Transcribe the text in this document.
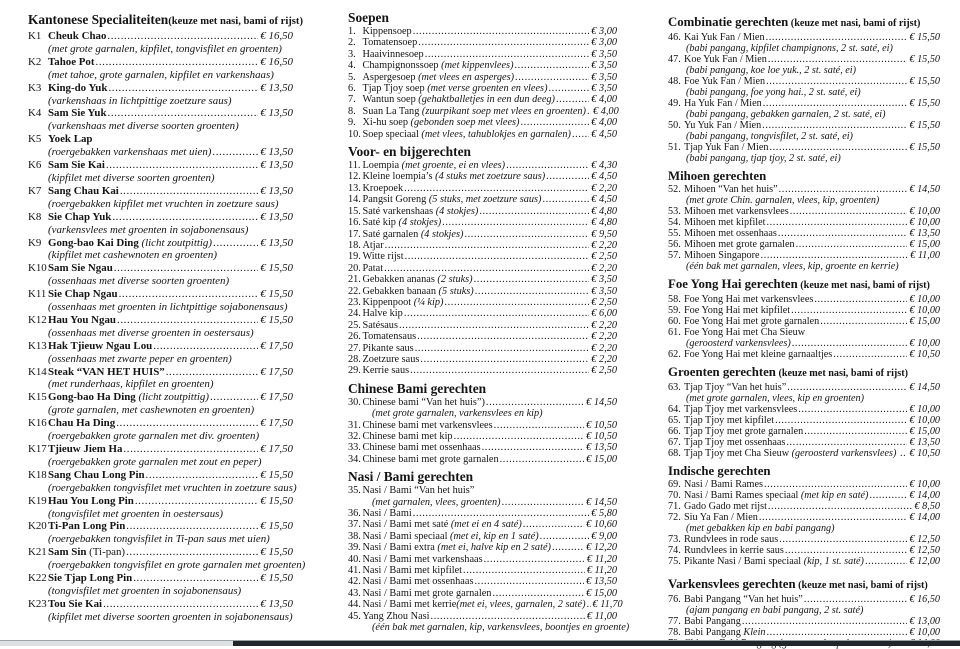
Kantonese Specialiteiten(keuze met nasi, bami of rijst)
K1 Cheuk Chao .....	€ 16,50
(met grote garnalen, kipfilet, tongvisfilet en groenten)
K2 Tahoe Pot .....	€ 16,50
(met tahoe, grote garnalen, kipfilet en varkenshaas)
K3 King-do Yuk .....	€ 13,50
(varkenshaas in lichtpittige zoetzure saus)
K4 Sam Sie Yuk .....	€ 13,50
(varkenshaas met diverse soorten groenten)
K5 Yoek Lap
(roergebakken varkenshaas met uien) .....	€ 13,50
K6 Sam Sie Kai .....	€ 13,50
(kipfilet met diverse soorten groenten)
K7 Sang Chau Kai .....	€ 13,50
(roergebakken kipfilet met vruchten in zoetzure saus)
K8 Sie Chap Yuk .....	€ 13,50
(varkensvlees met groenten in sojabonensaus)
K9 Gong-bao Kai Ding (licht zoutpittig) .....	€ 13,50
(kipfilet met cashewnoten en groenten)
K10 Sam Sie Ngau .....	€ 15,50
(ossenhaas met diverse soorten groenten)
K11 Sie Chap Ngau .....	€ 15,50
(ossenhaas met groenten in lichtpittige sojabonensaus)
K12 Hau You Ngau .....	€ 15,50
(ossenhaas met diverse groenten in oestersaus)
K13 Hak Tjieuw Ngau Lou .....	€ 17,50
(ossenhaas met zwarte peper en groenten)
K14 Steak “VAN HET HUIS” .....	€ 17,50
(met runderhaas, kipfilet en groenten)
K15 Gong-bao Ha Ding (licht zoutpittig) .....	€ 17,50
(grote garnalen, met cashewnoten en groenten)
K16 Chau Ha Ding .....	€ 17,50
(roergebakken grote garnalen met div. groenten)
K17 Tjieuw Jiem Ha .....	€ 17,50
(roergebakken grote garnalen met zout en peper)
K18 Sang Chau Long Pin .....	€ 15,50
(roergebakken tongvisfilet met vruchten in zoetzure saus)
K19 Hau You Long Pin .....	€ 15,50
(tongvisfilet met groenten in oestersaus)
K20 Ti-Pan Long Pin .....	€ 15,50
(roergebakken tongvisfilet in Ti-pan saus met uien)
K21 Sam Sin (Ti-pan) .....	€ 15,50
(roergebakken tongvisfilet en grote garnalen met groenten)
K22 Sie Tjap Long Pin .....	€ 15,50
(tongvisfilet met groenten in sojabonensaus)
K23 Tou Sie Kai .....	€ 13,50
(kipfilet met diverse soorten groenten in sojabonensaus)
Soepen
1. Kippensoep .....	€ 3,00
2. Tomatensoep .....	€ 3,00
3. Haaivinnesoep .....	€ 3,50
4. Champignonssoep (met kippenvlees) .....	€ 3,50
5. Aspergesoep (met vlees en asperges) .....	€ 3,50
6. Tjap Tjoy soep (met verse groenten en vlees) .....	€ 3,50
7. Wantun soep (gehaktballetjes in een dun deeg) .....	€ 4,00
8. Suan La Tang (zuurpikant soep met vlees en groenten) ..... € 4,00
9. Xi-hu soep (gebonden soep met vlees) .....	€ 4,00
10. Soep speciaal (met vlees, tahublokjes en garnalen) ..... € 4,50
Voor- en bijgerechten
11. Loempia (met groente, ei en vlees) .....	€ 4,30
12. Kleine loempia’s (4 stuks met zoetzure saus) .....	€ 4,50
13. Kroepoek .....	€ 2,20
14. Pangsit Goreng (5 stuks, met zoetzure saus) .....	€ 4,50
15. Saté varkenshaas (4 stokjes) .....	€ 4,80
16. Saté kip (4 stokjes) .....	€ 4,80
17. Saté garnalen (4 stokjes) .....	€ 9,50
18. Atjar .....	€ 2,20
19. Witte rijst .....	€ 2,50
20. Patat .....	€ 2,20
21. Gebakken ananas (2 stuks) .....	€ 3,50
22. Gebakken banaan (5 stuks) .....	€ 3,50
23. Kippenpoot (¼ kip) .....	€ 2,50
24. Halve kip .....	€ 6,00
25. Satésaus .....	€ 2,20
26. Tomatensaus .....	€ 2,20
27. Pikante saus .....	€ 2,20
28. Zoetzure saus .....	€ 2,20
29. Kerrie saus .....	€ 2,50
Chinese Bami gerechten
30. Chinese bami “Van het huis”) .....	€ 14,50
(met grote garnalen, varkensvlees en kip)
31. Chinese bami met varkensvlees .....	€ 10,50
32. Chinese bami met kip .....	€ 10,50
33. Chinese bami met ossenhaas .....	€ 13,50
34. Chinese bami met grote garnalen .....	€ 15,00
Nasi / Bami gerechten
35. Nasi / Bami “Van het huis”
(met garnalen, vlees, groenten) .....	€ 14,50
36. Nasi / Bami .....	€ 5,80
37. Nasi / Bami met saté (met ei en 4 saté) .....	€ 10,60
38. Nasi / Bami speciaal (met ei, kip en 1 saté) .....	€ 9,00
39. Nasi / Bami extra (met ei, halve kip en 2 saté) .....	€ 12,20
40. Nasi / Bami met varkenshaas .....	€ 11,20
41. Nasi / Bami met kipfilet .....	€ 11,20
42. Nasi / Bami met ossenhaas .....	€ 13,50
43. Nasi / Bami met grote garnalen .....	€ 15,00
44. Nasi / Bami met kerrie(met ei, vlees, garnalen, 2 saté) ..... € 11,70
45. Yang Zhou Nasi .....	€ 11,00
(één bak met garnalen, kip, varkensvlees, boontjes en groente)
Combinatie gerechten (keuze met nasi, bami of rijst)
46. Kai Yuk Fan / Mien .....	€ 15,50
(babi pangang, kipfilet champignons, 2 st. saté, ei)
47. Koe Yuk Fan / Mien .....	€ 15,50
(babi pangang, koe loe yuk., 2 st. saté, ei)
48. Foe Yuk Fan / Mien .....	€ 15,50
(babi pangang, foe yong hai., 2 st. saté, ei)
49. Ha Yuk Fan / Mien .....	€ 15,50
(babi pangang, gebakken garnalen, 2 st. saté, ei)
50. Yu Yuk Fan / Mien .....	€ 15,50
(babi pangang, tongvisfilet, 2 st. saté, ei)
51. Tjap Yuk Fan / Mien .....	€ 15,50
(babi pangang, tjap tjoy, 2 st. saté, ei)
Mihoen gerechten
52. Mihoen “Van het huis” .....	€ 14,50
(met grote Chin. garnalen, vlees, kip, groenten)
53. Mihoen met varkensvlees .....	€ 10,00
54. Mihoen met kipfilet .....	€ 10,00
55. Mihoen met ossenhaas .....	€ 13,50
56. Mihoen met grote garnalen .....	€ 15,00
57. Mihoen Singapore .....	€ 11,00
(één bak met garnalen, vlees, kip, groente en kerrie)
Foe Yong Hai gerechten (keuze met nasi, bami of rijst)
58. Foe Yong Hai met varkensvlees .....	€ 10,00
59. Foe Yong Hai met kipfilet .....	€ 10,00
60. Foe Yong Hai met grote garnalen .....	€ 15,00
61. Foe Yong Hai met Cha Sieuw
(geroosterd varkensvlees) .....	€ 10,00
62. Foe Yong Hai met kleine garnaaltjes .....	€ 10,50
Groenten gerechten (keuze met nasi, bami of rijst)
63. Tjap Tjoy “Van het huis” .....	€ 14,50
(met grote garnalen, vlees, kip en groenten)
64. Tjap Tjoy met varkensvlees .....	€ 10,00
65. Tjap Tjoy met kipfilet .....	€ 10,00
66. Tjap Tjoy met grote garnalen .....	€ 15,00
67. Tjap Tjoy met ossenhaas .....	€ 13,50
68. Tjap Tjoy met Cha Sieuw (geroosterd varkensvlees) ..... € 10,50
Indische gerechten
69. Nasi / Bami Rames .....	€ 10,00
70. Nasi / Bami Rames speciaal (met kip en saté) .....	€ 14,00
71. Gado Gado met rijst .....	€ 8,50
72. Siu Ya Fan / Mien .....	€ 14,00
(met gebakken kip en babi pangang)
73. Rundvlees in rode saus .....	€ 12,50
74. Rundvlees in kerrie saus .....	€ 12,50
75. Pikante Nasi / Bami speciaal (kip, 1 st. saté) .....	€ 12,00
Varkensvlees gerechten (keuze met nasi, bami of rijst)
76. Babi Pangang “Van het huis” .....	€ 16,50
(ajam pangang en babi pangang, 2 st. saté)
77. Babi Pangang .....	€ 13,00
78. Babi Pangang Klein .....	€ 10,00
.....
